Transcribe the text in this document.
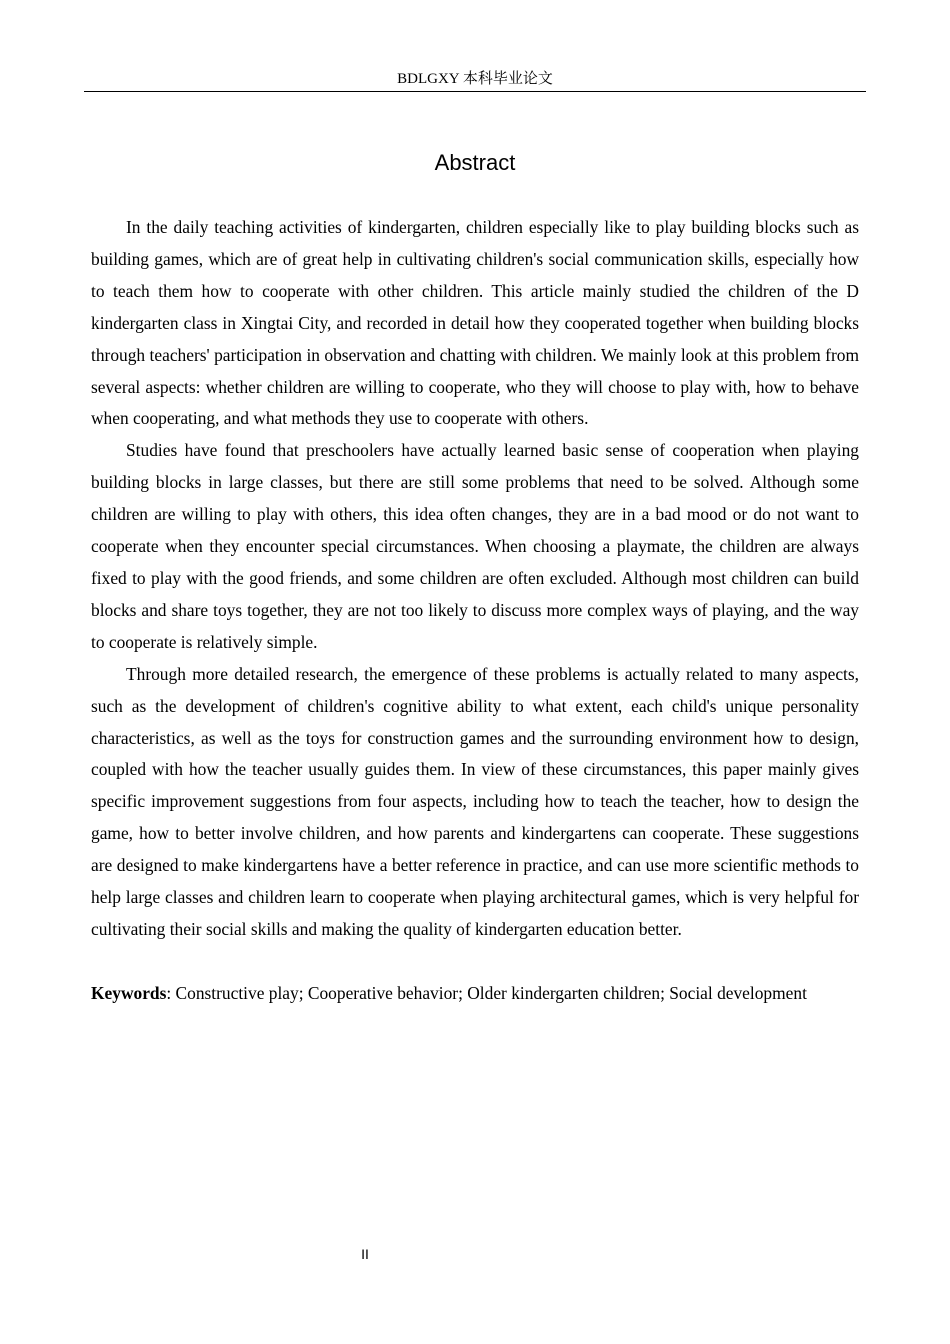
BDLGXY 本科毕业论文
Abstract

In the daily teaching activities of kindergarten, children especially like to play building blocks such as building games, which are of great help in cultivating children's social communication skills, especially how to teach them how to cooperate with other children. This article mainly studied the children of the D kindergarten class in Xingtai City, and recorded in detail how they cooperated together when building blocks through teachers' participation in observation and chatting with children. We mainly look at this problem from several aspects: whether children are willing to cooperate, who they will choose to play with, how to behave when cooperating, and what methods they use to cooperate with others.

Studies have found that preschoolers have actually learned basic sense of cooperation when playing building blocks in large classes, but there are still some problems that need to be solved. Although some children are willing to play with others, this idea often changes, they are in a bad mood or do not want to cooperate when they encounter special circumstances. When choosing a playmate, the children are always fixed to play with the good friends, and some children are often excluded. Although most children can build blocks and share toys together, they are not too likely to discuss more complex ways of playing, and the way to cooperate is relatively simple.

Through more detailed research, the emergence of these problems is actually related to many aspects, such as the development of children's cognitive ability to what extent, each child's unique personality characteristics, as well as the toys for construction games and the surrounding environment how to design, coupled with how the teacher usually guides them. In view of these circumstances, this paper mainly gives specific improvement suggestions from four aspects, including how to teach the teacher, how to design the game, how to better involve children, and how parents and kindergartens can cooperate. These suggestions are designed to make kindergartens have a better reference in practice, and can use more scientific methods to help large classes and children learn to cooperate when playing architectural games, which is very helpful for cultivating their social skills and making the quality of kindergarten education better.

Keywords: Constructive play; Cooperative behavior; Older kindergarten children; Social development

II
